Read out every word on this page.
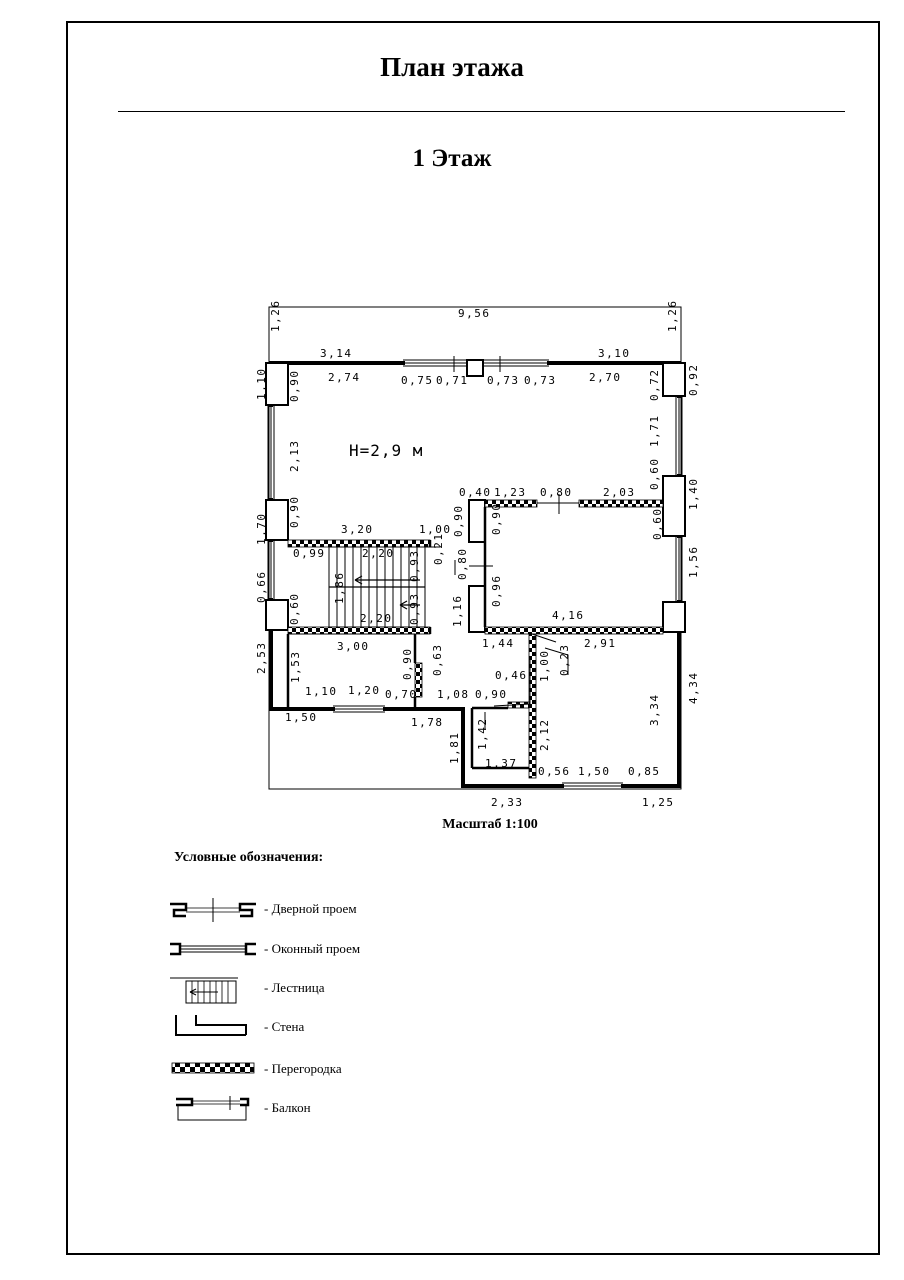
План этажа
1 Этаж
H=2,9 м
9,56
1,26	1,26
3,14	3,10
2,74	0,75 0,71 0,73 0,73	2,70
1,10 0,90
2,13
0,90
1,70
0,99
0,66
0,60
2,53 1,53
0,92
0,72
1,71
0,60
1,40
0,60
1,56
4,34
3,34
0,40 1,23 0,80	2,03
0,90 0,90
0,80
0,96
1,16	4,16
3,20	1,00
2,20
1,86
0,93
0,21
0,93
2,20
3,00	1,44	2,91
0,90 0,63	1,00 0,23
0,46
1,10 1,20 0,70 1,08 0,90
1,50	1,78	1,42	2,12
1,81 1,37
0,56 1,50 0,85
2,33	1,25
Масштаб 1:100
Условные обозначения:
- Дверной проем
- Оконный проем
- Лестница
- Стена
- Перегородка
- Балкон
